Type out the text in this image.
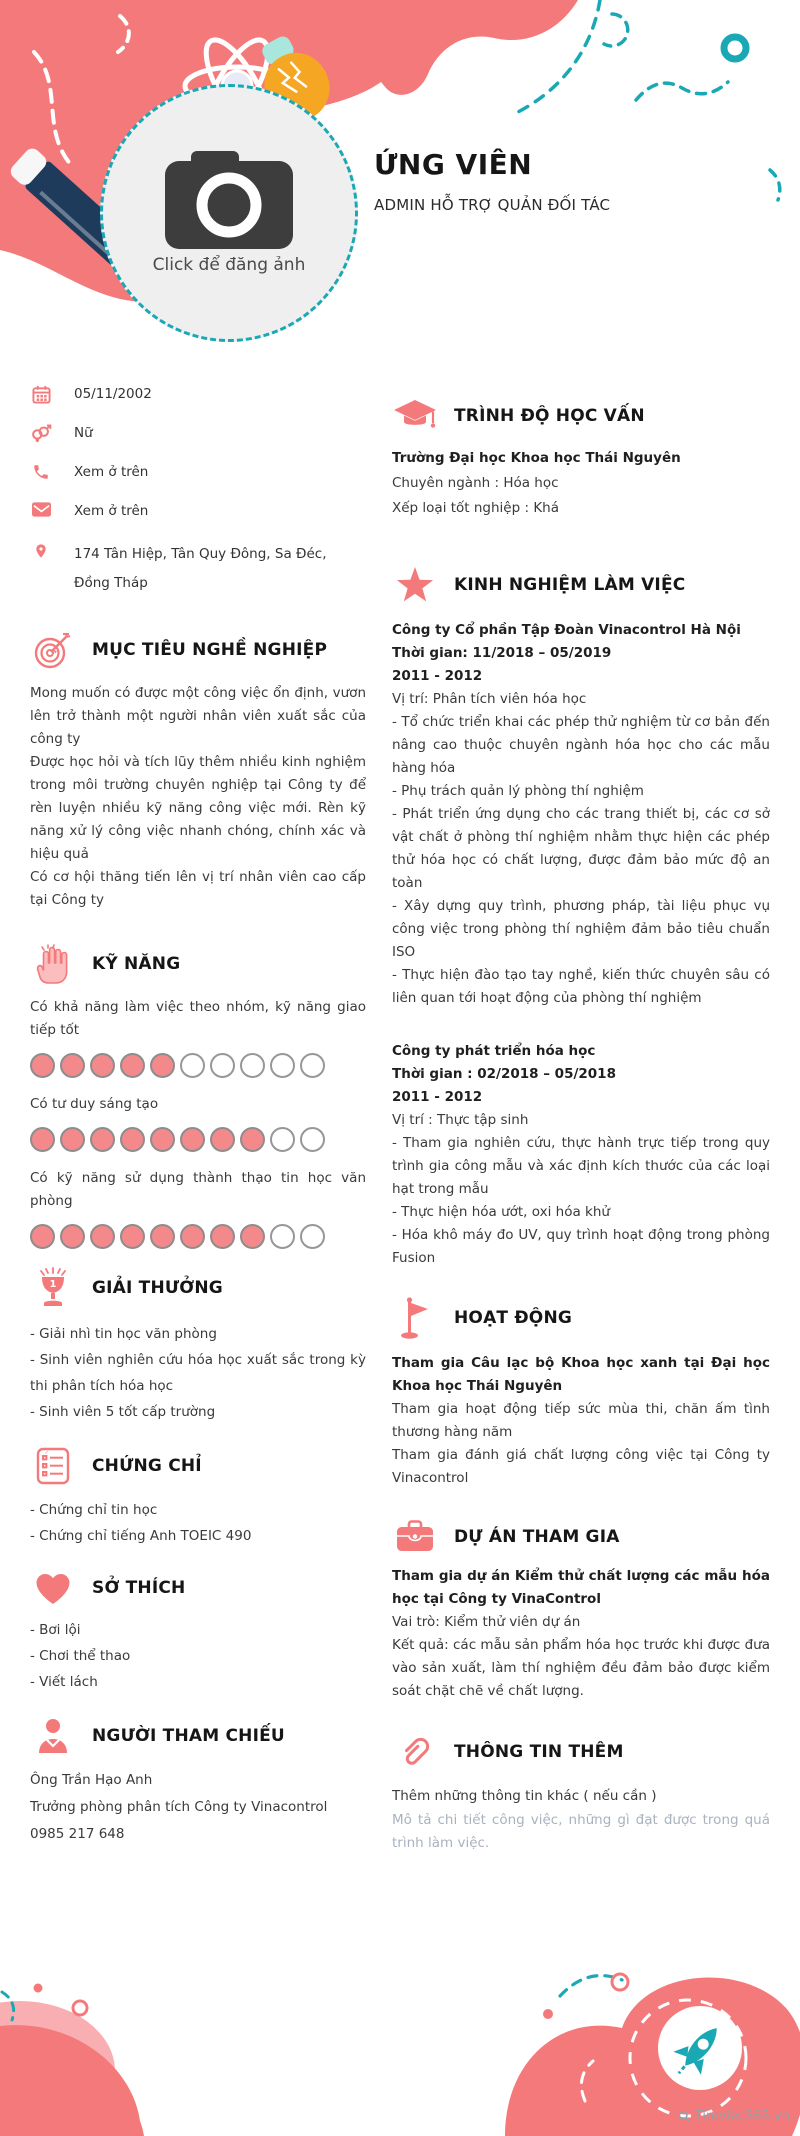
Click để đăng ảnh
ỨNG VIÊN
ADMIN HỖ TRỢ QUẢN ĐỐI TÁC
05/11/2002
Nữ
Xem ở trên
Xem ở trên
174 Tân Hiệp, Tân Quy Đông, Sa Đéc, Đồng Tháp
MỤC TIÊU NGHỀ NGHIỆP

Mong muốn có được một công việc ổn định, vươn lên trở thành một người nhân viên xuất sắc của công ty

Được học hỏi và tích lũy thêm nhiều kinh nghiệm trong môi trường chuyên nghiệp tại Công ty để rèn luyện nhiều kỹ năng công việc mới. Rèn kỹ năng xử lý công việc nhanh chóng, chính xác và hiệu quả

Có cơ hội thăng tiến lên vị trí nhân viên cao cấp tại Công ty

KỸ NĂNG

Có khả năng làm việc theo nhóm, kỹ năng giao tiếp tốt

Có tư duy sáng tạo

Có kỹ năng sử dụng thành thạo tin học văn phòng

1 GIẢI THƯỞNG

- Giải nhì tin học văn phòng

- Sinh viên nghiên cứu hóa học xuất sắc trong kỳ thi phân tích hóa học

- Sinh viên 5 tốt cấp trường

✓
CHỨNG CHỈ

- Chứng chỉ tin học

- Chứng chỉ tiếng Anh TOEIC 490

SỞ THÍCH

- Bơi lội

- Chơi thể thao

- Viết lách

NGƯỜI THAM CHIẾU

Ông Trần Hạo Anh

Trưởng phòng phân tích Công ty Vinacontrol

0985 217 648

TRÌNH ĐỘ HỌC VẤN

Trường Đại học Khoa học Thái Nguyên

Chuyên ngành : Hóa học

Xếp loại tốt nghiệp : Khá

KINH NGHIỆM LÀM VIỆC

Công ty Cổ phần Tập Đoàn Vinacontrol Hà Nội

Thời gian: 11/2018 – 05/2019

2011 - 2012

Vị trí: Phân tích viên hóa học

- Tổ chức triển khai các phép thử nghiệm từ cơ bản đến nâng cao thuộc chuyên ngành hóa học cho các mẫu hàng hóa

- Phụ trách quản lý phòng thí nghiệm

- Phát triển ứng dụng cho các trang thiết bị, các cơ sở vật chất ở phòng thí nghiệm nhằm thực hiện các phép thử hóa học có chất lượng, được đảm bảo mức độ an toàn

- Xây dựng quy trình, phương pháp, tài liệu phục vụ công việc trong phòng thí nghiệm đảm bảo tiêu chuẩn ISO

- Thực hiện đào tạo tay nghề, kiến thức chuyên sâu có liên quan tới hoạt động của phòng thí nghiệm

Công ty phát triển hóa học

Thời gian : 02/2018 – 05/2018

2011 - 2012

Vị trí : Thực tập sinh

- Tham gia nghiên cứu, thực hành trực tiếp trong quy trình gia công mẫu và xác định kích thước của các loại hạt trong mẫu

- Thực hiện hóa ướt, oxi hóa khử

- Hóa khô máy đo UV, quy trình hoạt động trong phòng Fusion

HOẠT ĐỘNG

Tham gia Câu lạc bộ Khoa học xanh tại Đại học Khoa học Thái Nguyên

Tham gia hoạt động tiếp sức mùa thi, chăn ấm tình thương hàng năm

Tham gia đánh giá chất lượng công việc tại Công ty Vinacontrol

DỰ ÁN THAM GIA

Tham gia dự án Kiểm thử chất lượng các mẫu hóa học tại Công ty VinaControl

Vai trò: Kiểm thử viên dự án

Kết quả: các mẫu sản phẩm hóa học trước khi được đưa vào sản xuất, làm thí nghiệm đều đảm bảo được kiểm soát chặt chẽ về chất lượng.

THÔNG TIN THÊM

Thêm những thông tin khác ( nếu cần )

Mô tả chi tiết công việc, những gì đạt được trong quá trình làm việc.

Timviec365.vn
